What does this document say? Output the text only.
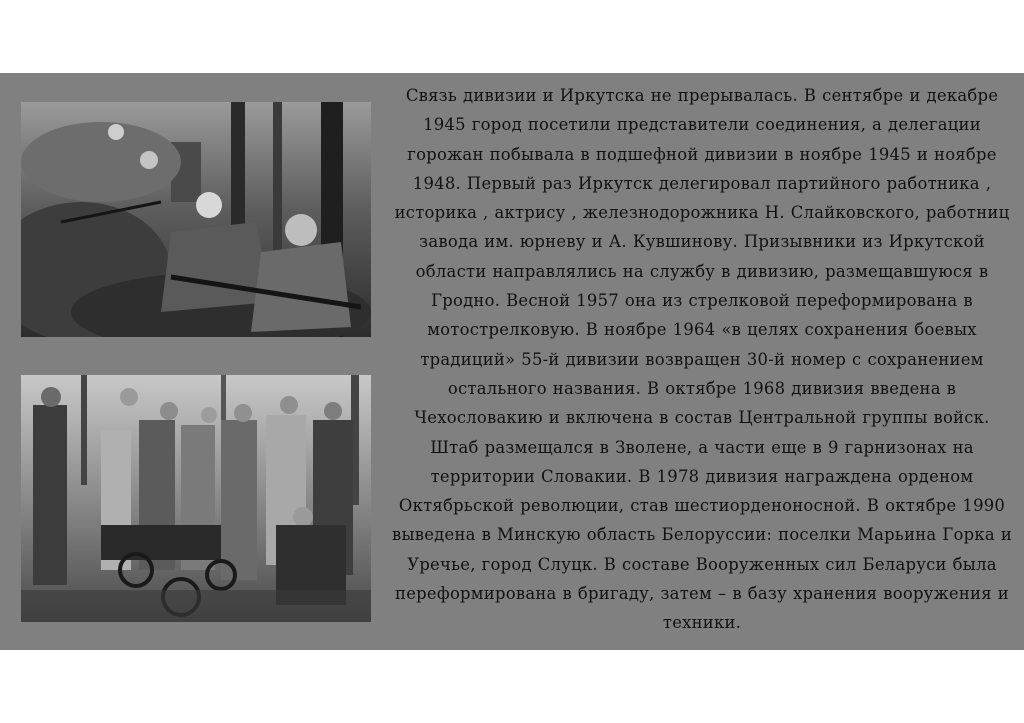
Связь дивизии и Иркутска не прерывалась. В сентябре и декабре 1945 город посетили представители соединения, а делегации горожан побывала в подшефной дивизии в ноябре 1945 и ноябре 1948. Первый раз Иркутск делегировал партийного работника , историка , актрису , железнодорожника Н. Слайковского, работниц завода им. юрневу и А. Кувшинову. Призывники из Иркутской области направлялись на службу в дивизию, размещавшуюся в Гродно. Весной 1957 она из стрелковой переформирована в мотострелковую. В ноябре 1964 «в целях сохранения боевых традиций» 55-й дивизии возвращен 30-й номер с сохранением остального названия. В октябре 1968 дивизия введена в Чехословакию и включена в состав Центральной группы войск. Штаб размещался в Зволене, а части еще в 9 гарнизонах на территории Словакии. В 1978 дивизия награждена орденом Октябрьской революции, став шестиорденоносной. В октябре 1990 выведена в Минскую область Белоруссии: поселки Марьина Горка и Уречье, город Слуцк. В составе Вооруженных сил Беларуси была переформирована в бригаду, затем – в базу хранения вооружения и техники.
